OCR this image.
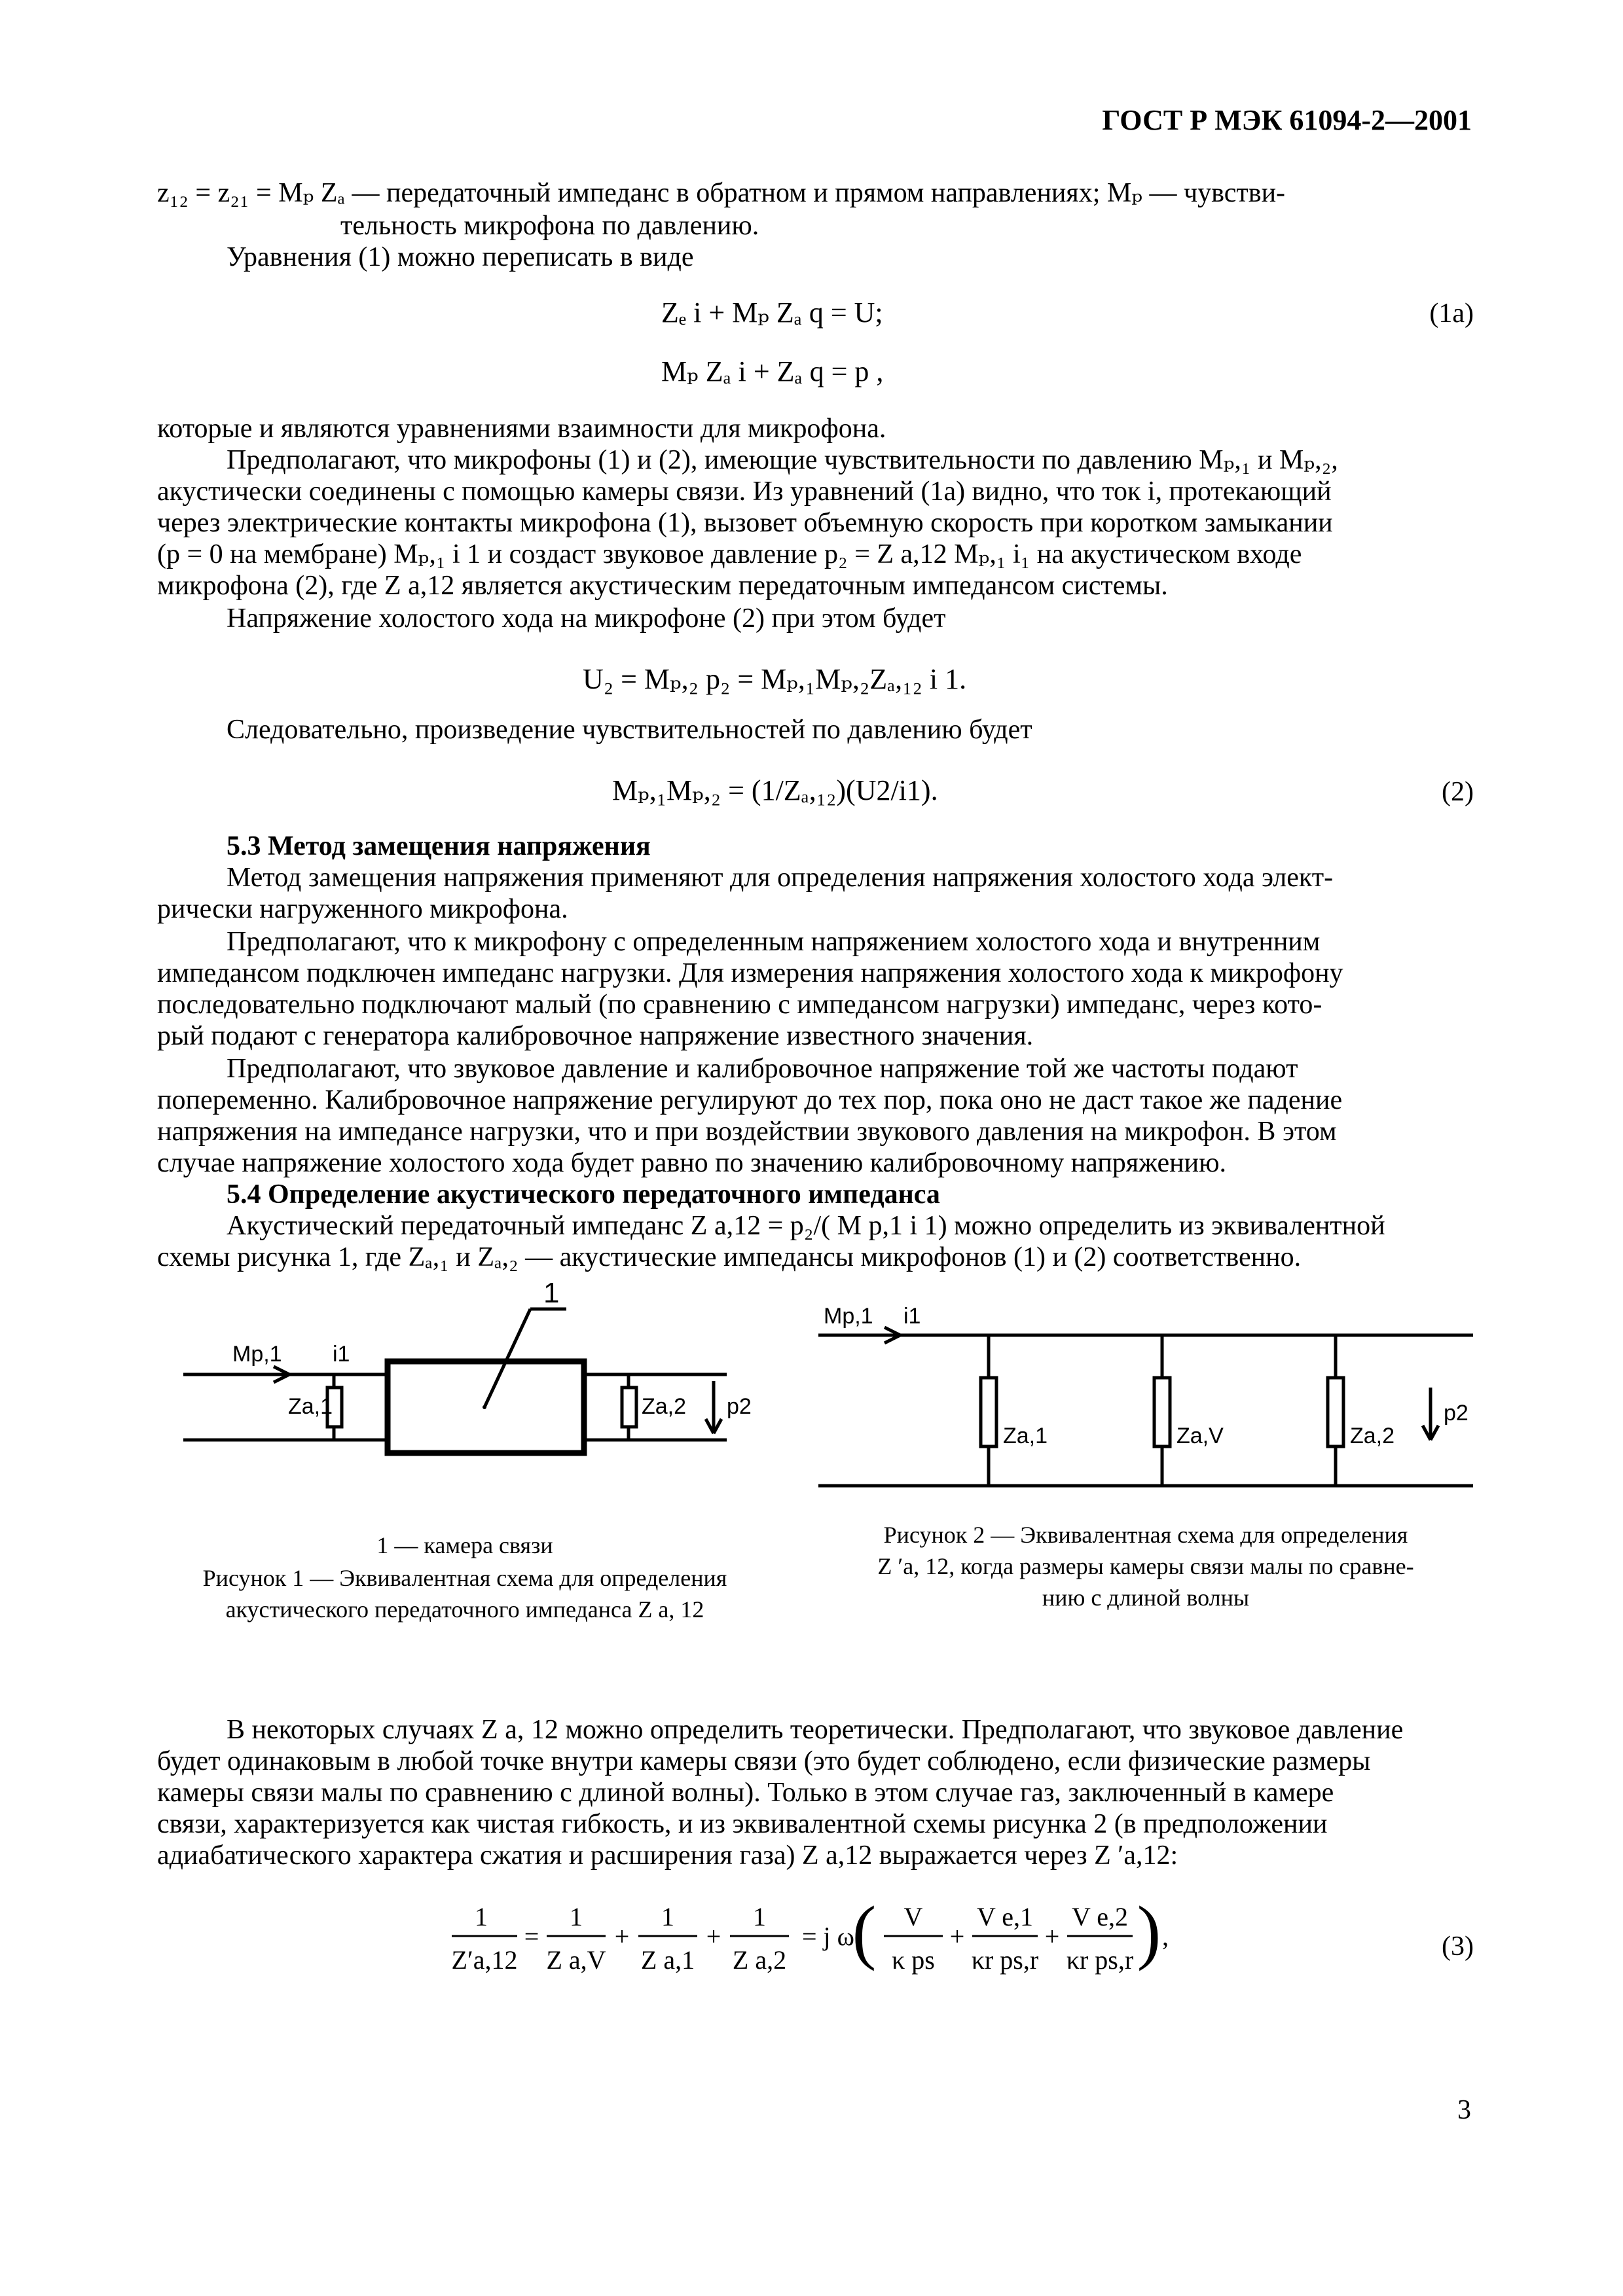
ГОСТ Р МЭК 61094-2—2001
z₁₂ = z₂₁ = Mₚ Zₐ — передаточный импеданс в обратном и прямом направлениях; Mₚ — чувстви-
тельность микрофона по давлению.
Уравнения (1) можно переписать в виде
Zₑ i + Mₚ Zₐ q = U;	(1a)
Mₚ Zₐ i + Zₐ q = p ,
которые и являются уравнениями взаимности для микрофона.
Предполагают, что микрофоны (1) и (2), имеющие чувствительности по давлению Mₚ,₁ и Mₚ,₂,
акустически соединены с помощью камеры связи. Из уравнений (1а) видно, что ток i, протекающий
через электрические контакты микрофона (1), вызовет объемную скорость при коротком замыкании
(p = 0 на мембране) Mₚ,₁ i 1 и создаст звуковое давление p₂ = Z a,12 Mₚ,₁ i₁ на акустическом входе
микрофона (2), где Z a,12 является акустическим передаточным импедансом системы.
Напряжение холостого хода на микрофоне (2) при этом будет
U₂ = Mₚ,₂ p₂ = Mₚ,₁Mₚ,₂Zₐ,₁₂ i 1.
Следовательно, произведение чувствительностей по давлению будет
Mₚ,₁Mₚ,₂ = (1/Zₐ,₁₂)(U2/i1).	(2)
5.3 Метод замещения напряжения
Метод замещения напряжения применяют для определения напряжения холостого хода элект-
рически нагруженного микрофона.
Предполагают, что к микрофону с определенным напряжением холостого хода и внутренним
импедансом подключен импеданс нагрузки. Для измерения напряжения холостого хода к микрофону
последовательно подключают малый (по сравнению с импедансом нагрузки) импеданс, через кото-
рый подают с генератора калибровочное напряжение известного значения.
Предполагают, что звуковое давление и калибровочное напряжение той же частоты подают
попеременно. Калибровочное напряжение регулируют до тех пор, пока оно не даст такое же падение
напряжения на импедансе нагрузки, что и при воздействии звукового давления на микрофон. В этом
случае напряжение холостого хода будет равно по значению калибровочному напряжению.
5.4 Определение акустического передаточного импеданса
Акустический передаточный импеданс Z a,12 = p₂/( M p,1 i 1) можно определить из эквивалентной
схемы рисунка 1, где Zₐ,₁ и Zₐ,₂ — акустические импедансы микрофонов (1) и (2) соответственно.
Mp,1 i1
Za,1	Za,2 p2
1
1 — камера связи
Рисунок 1 — Эквивалентная схема для определения
акустического передаточного импеданса Z a, 12
Mp,1 i1
Za,1	Za,V	Za,2
p2
Рисунок 2 — Эквивалентная схема для определения
Z ′a, 12, когда размеры камеры связи малы по сравне-
нию с длиной волны
В некоторых случаях Z a, 12 можно определить теоретически. Предполагают, что звуковое давление
будет одинаковым в любой точке внутри камеры связи (это будет соблюдено, если физические размеры
камеры связи малы по сравнению с длиной волны). Только в этом случае газ, заключенный в камере
связи, характеризуется как чистая гибкость, и из эквивалентной схемы рисунка 2 (в предположении
адиабатического характера сжатия и расширения газа) Z a,12 выражается через Z ′a,12:
1
Z′a,12
=
1
Z a,V
+
1
Z a,1
+
1
Z a,2
= j ω
( V
κ ps
+
V e,1
κr ps,r
+
V e,2
κr ps,r ) ,	(3)
3
